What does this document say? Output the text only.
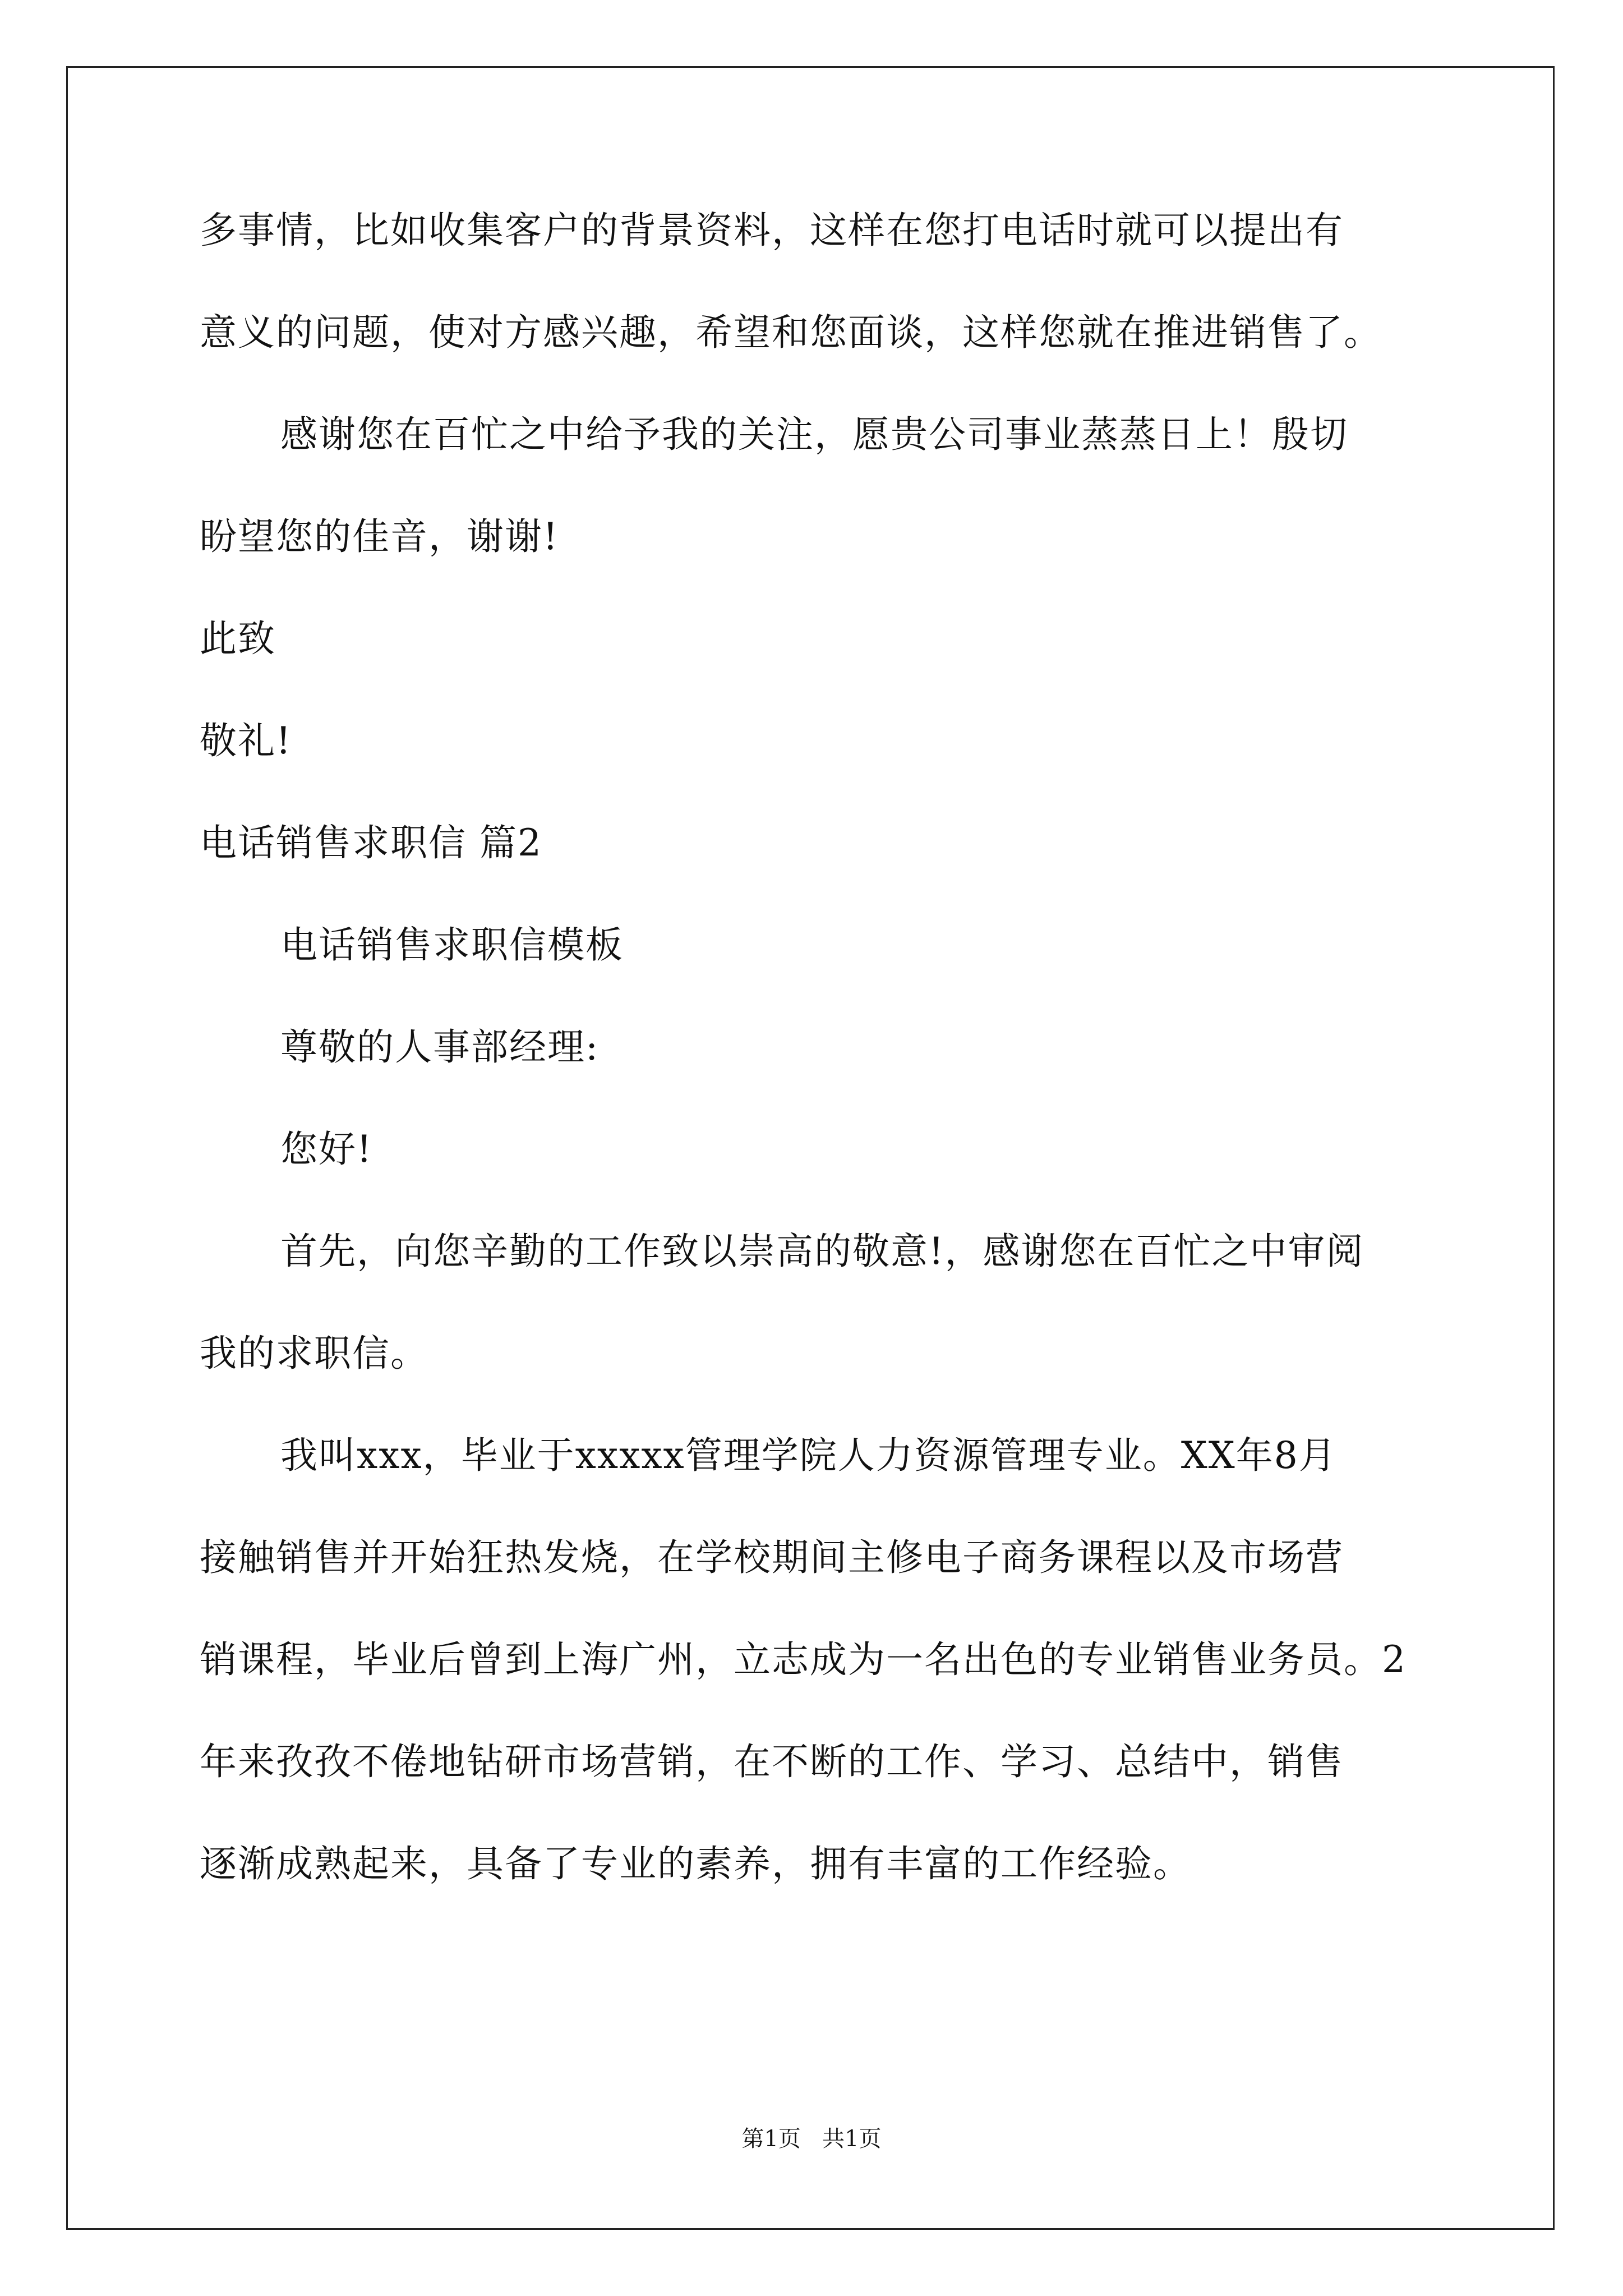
多事情，比如收集客户的背景资料，这样在您打电话时就可以提出有
意义的问题，使对方感兴趣，希望和您面谈，这样您就在推进销售了。
感谢您在百忙之中给予我的关注，愿贵公司事业蒸蒸日上！殷切
盼望您的佳音，谢谢!
此致
敬礼!
电话销售求职信 篇2
电话销售求职信模板
尊敬的人事部经理:
您好!
首先，向您辛勤的工作致以崇高的敬意!，感谢您在百忙之中审阅
我的求职信。
我叫xxx，毕业于xxxxx管理学院人力资源管理专业。XX年8月
接触销售并开始狂热发烧，在学校期间主修电子商务课程以及市场营
销课程，毕业后曾到上海广州，立志成为一名出色的专业销售业务员。2
年来孜孜不倦地钻研市场营销，在不断的工作、学习、总结中，销售
逐渐成熟起来，具备了专业的素养，拥有丰富的工作经验。
第1页   共1页
